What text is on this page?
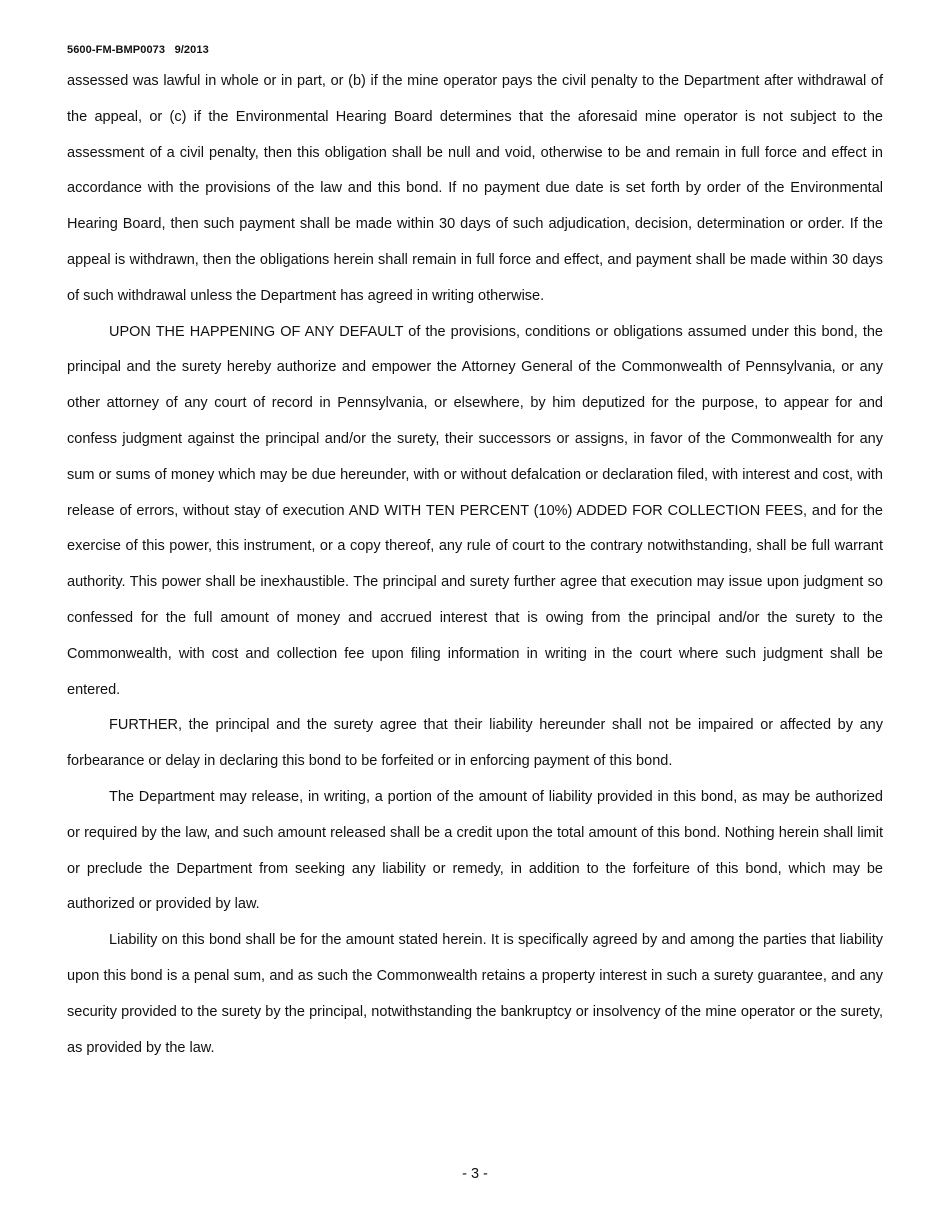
5600-FM-BMP0073 9/2013

assessed was lawful in whole or in part, or (b) if the mine operator pays the civil penalty to the Department after withdrawal of the appeal, or (c) if the Environmental Hearing Board determines that the aforesaid mine operator is not subject to the assessment of a civil penalty, then this obligation shall be null and void, otherwise to be and remain in full force and effect in accordance with the provisions of the law and this bond. If no payment due date is set forth by order of the Environmental Hearing Board, then such payment shall be made within 30 days of such adjudication, decision, determination or order. If the appeal is withdrawn, then the obligations herein shall remain in full force and effect, and payment shall be made within 30 days of such withdrawal unless the Department has agreed in writing otherwise.

UPON THE HAPPENING OF ANY DEFAULT of the provisions, conditions or obligations assumed under this bond, the principal and the surety hereby authorize and empower the Attorney General of the Commonwealth of Pennsylvania, or any other attorney of any court of record in Pennsylvania, or elsewhere, by him deputized for the purpose, to appear for and confess judgment against the principal and/or the surety, their successors or assigns, in favor of the Commonwealth for any sum or sums of money which may be due hereunder, with or without defalcation or declaration filed, with interest and cost, with release of errors, without stay of execution AND WITH TEN PERCENT (10%) ADDED FOR COLLECTION FEES, and for the exercise of this power, this instrument, or a copy thereof, any rule of court to the contrary notwithstanding, shall be full warrant authority. This power shall be inexhaustible. The principal and surety further agree that execution may issue upon judgment so confessed for the full amount of money and accrued interest that is owing from the principal and/or the surety to the Commonwealth, with cost and collection fee upon filing information in writing in the court where such judgment shall be entered.

FURTHER, the principal and the surety agree that their liability hereunder shall not be impaired or affected by any forbearance or delay in declaring this bond to be forfeited or in enforcing payment of this bond.

The Department may release, in writing, a portion of the amount of liability provided in this bond, as may be authorized or required by the law, and such amount released shall be a credit upon the total amount of this bond. Nothing herein shall limit or preclude the Department from seeking any liability or remedy, in addition to the forfeiture of this bond, which may be authorized or provided by law.

Liability on this bond shall be for the amount stated herein. It is specifically agreed by and among the parties that liability upon this bond is a penal sum, and as such the Commonwealth retains a property interest in such a surety guarantee, and any security provided to the surety by the principal, notwithstanding the bankruptcy or insolvency of the mine operator or the surety, as provided by the law.

- 3 -
